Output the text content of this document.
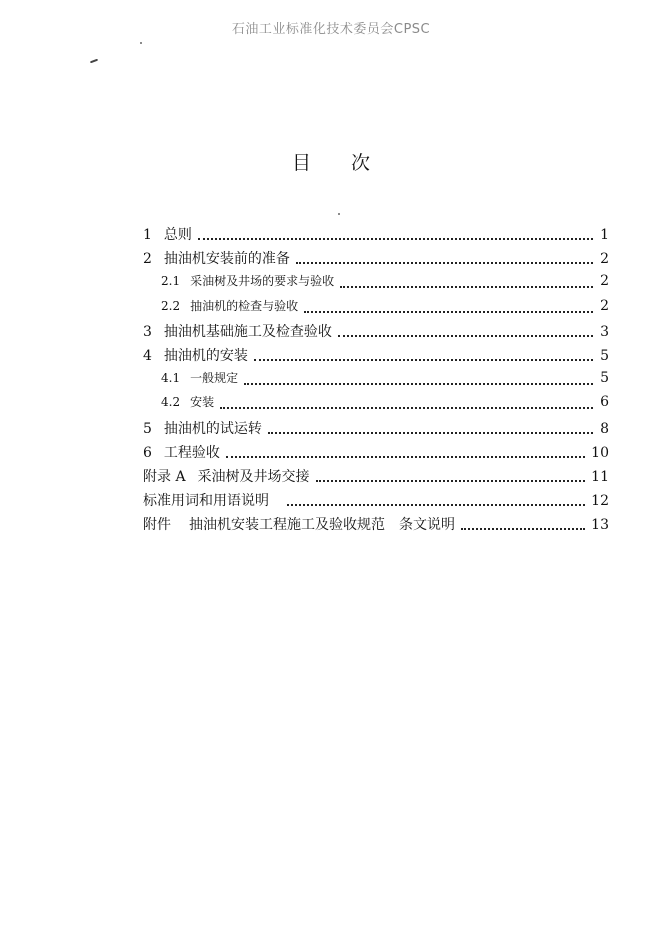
石油工业标准化技术委员会CPSC
目次
1 总则	1
2 抽油机安装前的准备	2
2.1 采油树及井场的要求与验收	2
2.2 抽油机的检查与验收	2
3 抽油机基础施工及检查验收	3
4 抽油机的安装	5
4.1 一般规定	5
4.2 安装	6
5 抽油机的试运转	8
6 工程验收	10
附录 A 采油树及井场交接	11
标准用词和用语说明	12
附件 抽油机安装工程施工及验收规范　条文说明	13
